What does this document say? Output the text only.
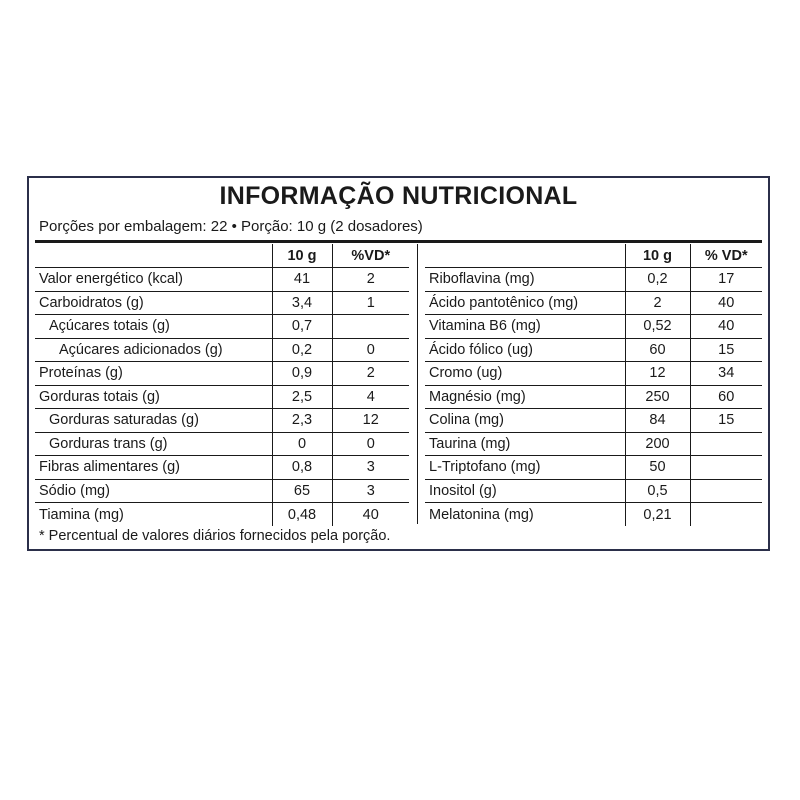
INFORMAÇÃO NUTRICIONAL
Porções por embalagem: 22 • Porção: 10 g (2 dosadores)
	10 g	%VD*
Valor energético (kcal)	41	2
Carboidratos (g)	3,4	1
Açúcares totais (g)	0,7	
Açúcares adicionados (g)	0,2	0
Proteínas (g)	0,9	2
Gorduras totais (g)	2,5	4
Gorduras saturadas (g)	2,3	12
Gorduras trans (g)	0	0
Fibras alimentares (g)	0,8	3
Sódio (mg)	65	3
Tiamina (mg)	0,48	40
	10 g	% VD*
Riboflavina (mg)	0,2	17
Ácido pantotênico (mg)	2	40
Vitamina B6 (mg)	0,52	40
Ácido fólico (ug)	60	15
Cromo (ug)	12	34
Magnésio (mg)	250	60
Colina (mg)	84	15
Taurina (mg)	200	
L-Triptofano (mg)	50	
Inositol (g)	0,5	
Melatonina (mg)	0,21	
* Percentual de valores diários fornecidos pela porção.
